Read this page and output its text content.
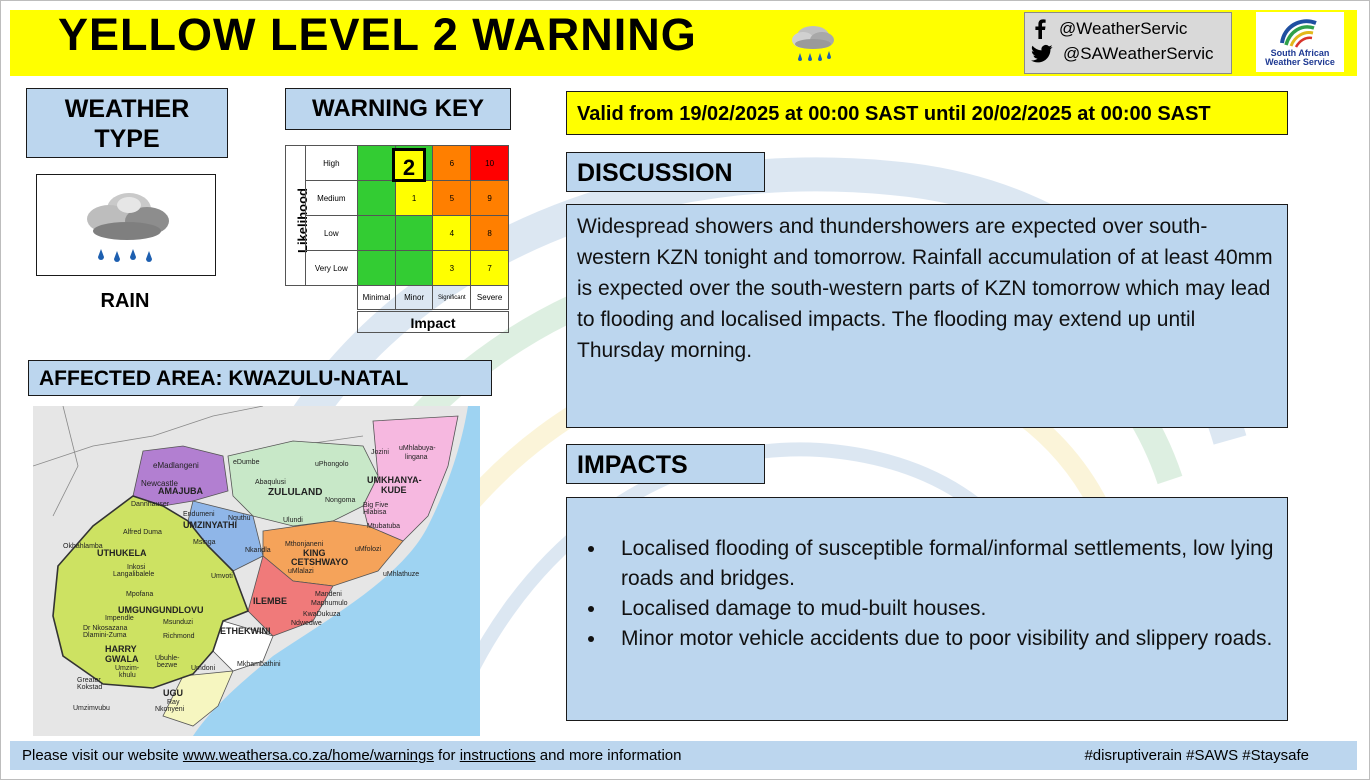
YELLOW LEVEL 2 WARNING	@WeatherServic
@SAWeatherServic	South African
Weather Service
WEATHER
TYPE
RAIN
WARNING KEY
Likelihood
	High			6	10
	Medium		1	5	9
	Low			4	8
	Very Low			3	7
		Minimal	Minor	Significant	Severe
2
Impact
AFFECTED AREA: KWAZULU-NATAL
eMadlangeni
Newcastle
AMAJUBA
Dannhauser
eDumbe	uPhongolo
Abaqulusi
ZULULAND
Nongoma
Ulundi
Jozini
uMhlabuya-
lingana
UMKHANYA-
KUDE
Big Five
Hlabisa
Mtubatuba
Endumeni
UMZINYATHI
Nquthu
Alfred Duma
Msinga
Okhahlamba
UTHUKELA
Inkosi
Langalibalele
Mpofana
Umvoti
Nkandla
Mthonjaneni
KING
CETSHWAYO
uMfolozi
uMlalazi	uMhlathuze
UMGUNGUNDLOVU
Impendle
Msunduzi
Dr Nkosazana
Dlamini-Zuma	Richmond
ILEMBE
Mandeni
Maphumulo
KwaDukuza
Ndwedwe
ETHEKWINI
HARRY
GWALA Ubuhle-
bezwe
Umzim-
khulu
Umdoni
Mkhambathini
Greater
Kokstad
UGU
Ray
Nkonyeni
Umzimvubu
Valid from 19/02/2025 at 00:00 SAST until 20/02/2025 at 00:00 SAST
DISCUSSION
Widespread showers and thundershowers are expected over south-western KZN tonight and tomorrow. Rainfall accumulation of at least 40mm is expected over the south-western parts of KZN tomorrow which may lead to flooding and localised impacts. The flooding may extend up until Thursday morning.
IMPACTS
• Localised flooding of susceptible formal/informal settlements, low lying roads and bridges.
• Localised damage to mud-built houses.
• Minor motor vehicle accidents due to poor visibility and slippery roads.
Please visit our website www.weathersa.co.za/home/warnings for instructions and more information	#disruptiverain #SAWS #Staysafe
